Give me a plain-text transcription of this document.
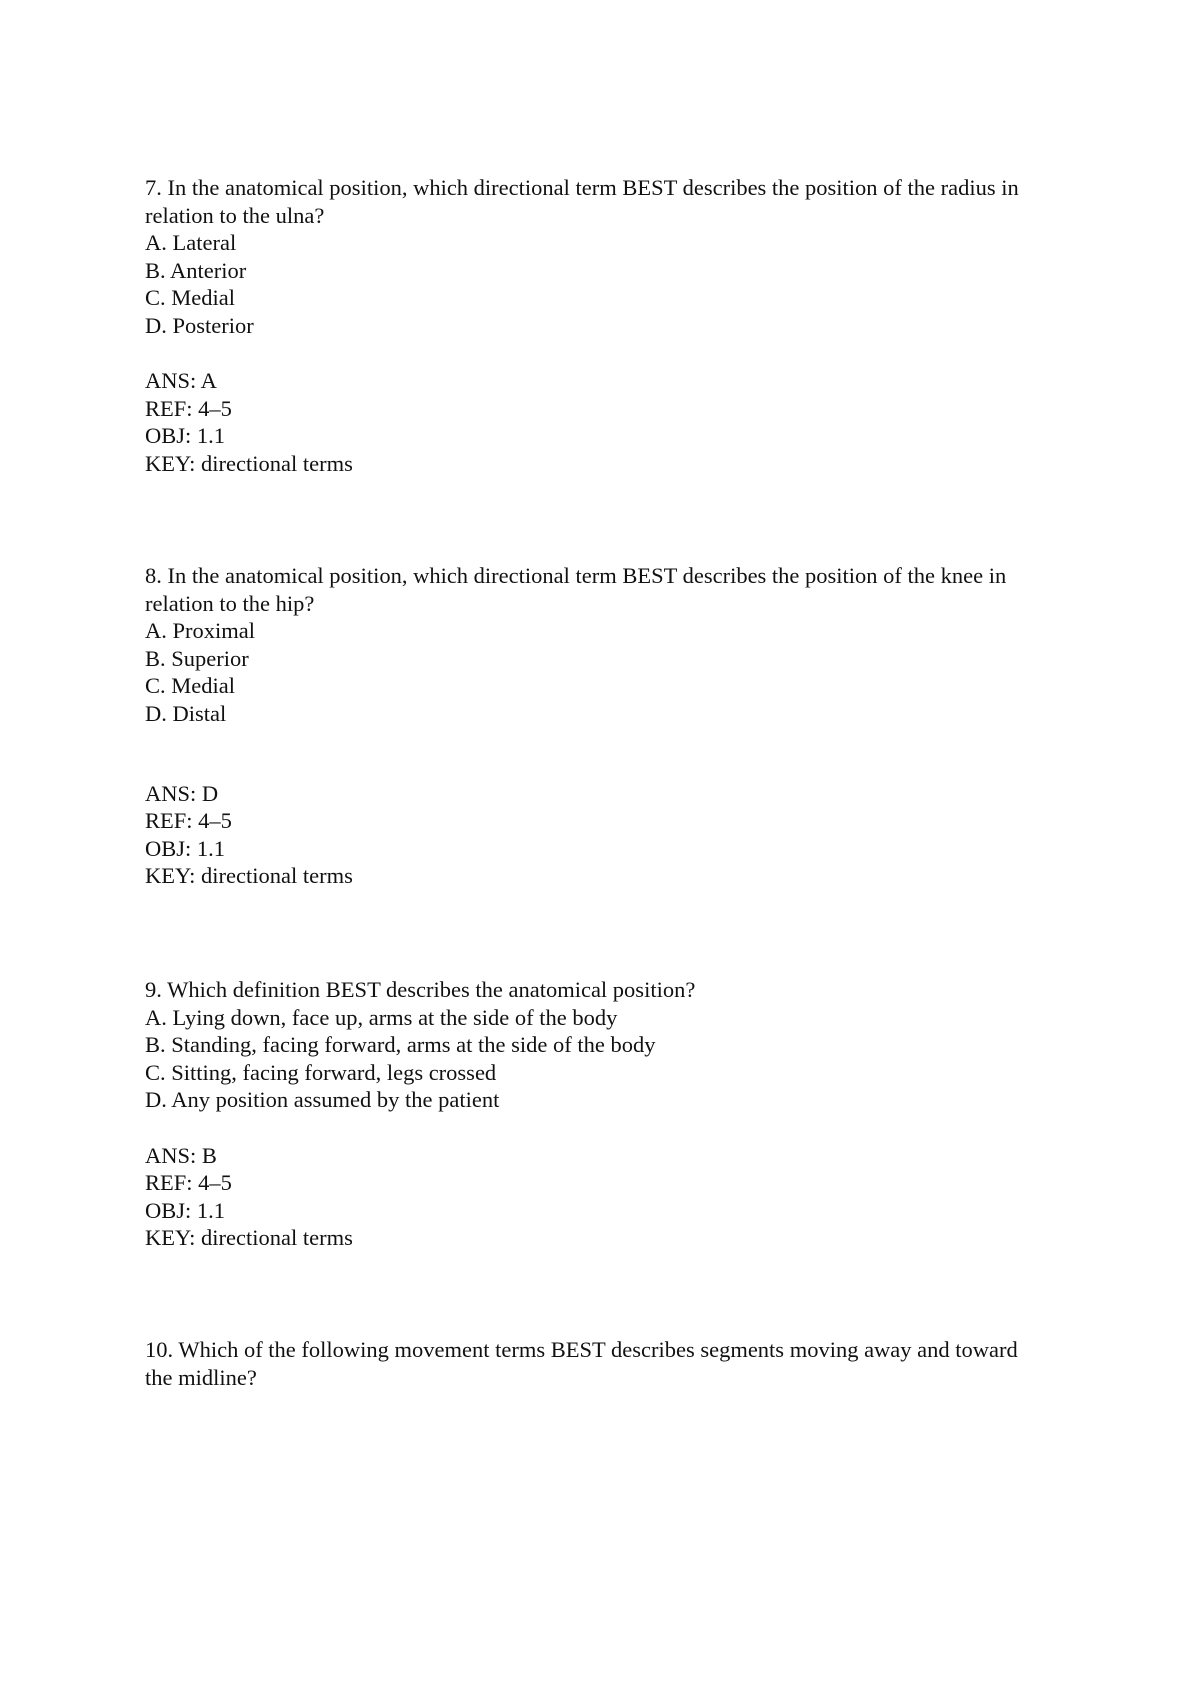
7. In the anatomical position, which directional term BEST describes the position of the radius in
relation to the ulna?
A. Lateral
B. Anterior
C. Medial
D. Posterior
ANS: A
REF: 4–5
OBJ: 1.1
KEY: directional terms
8. In the anatomical position, which directional term BEST describes the position of the knee in
relation to the hip?
A. Proximal
B. Superior
C. Medial
D. Distal
ANS: D
REF: 4–5
OBJ: 1.1
KEY: directional terms
9. Which definition BEST describes the anatomical position?
A. Lying down, face up, arms at the side of the body
B. Standing, facing forward, arms at the side of the body
C. Sitting, facing forward, legs crossed
D. Any position assumed by the patient
ANS: B
REF: 4–5
OBJ: 1.1
KEY: directional terms
10. Which of the following movement terms BEST describes segments moving away and toward
the midline?
